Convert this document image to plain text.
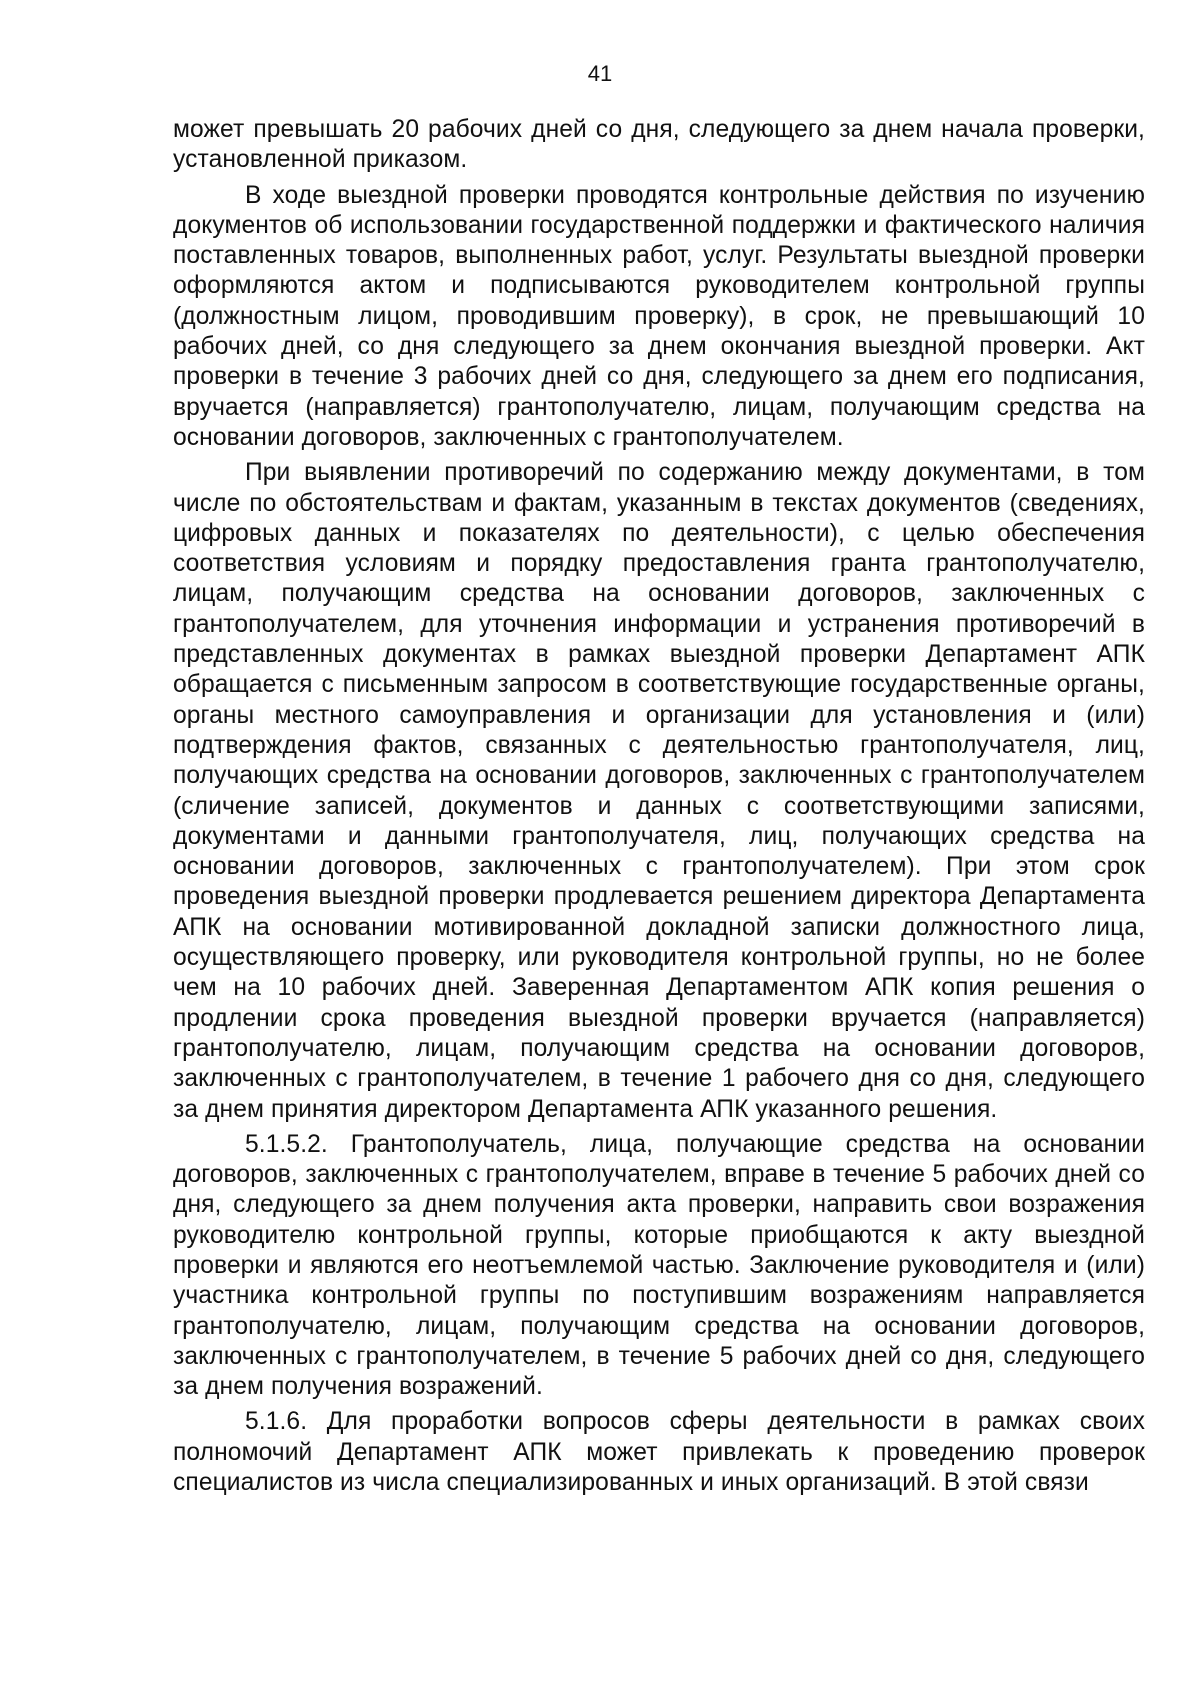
41

может превышать 20 рабочих дней со дня, следующего за днем начала проверки, установленной приказом.

В ходе выездной проверки проводятся контрольные действия по изучению документов об использовании государственной поддержки и фактического наличия поставленных товаров, выполненных работ, услуг. Результаты выездной проверки оформляются актом и подписываются руководителем контрольной группы (должностным лицом, проводившим проверку), в срок, не превышающий 10 рабочих дней, со дня следующего за днем окончания выездной проверки. Акт проверки в течение 3 рабочих дней со дня, следующего за днем его подписания, вручается (направляется) грантополучателю, лицам, получающим средства на основании договоров, заключенных с грантополучателем.

При выявлении противоречий по содержанию между документами, в том числе по обстоятельствам и фактам, указанным в текстах документов (сведениях, цифровых данных и показателях по деятельности), с целью обеспечения соответствия условиям и порядку предоставления гранта грантополучателю, лицам, получающим средства на основании договоров, заключенных с грантополучателем, для уточнения информации и устранения противоречий в представленных документах в рамках выездной проверки Департамент АПК обращается с письменным запросом в соответствующие государственные органы, органы местного самоуправления и организации для установления и (или) подтверждения фактов, связанных с деятельностью грантополучателя, лиц, получающих средства на основании договоров, заключенных с грантополучателем (сличение записей, документов и данных с соответствующими записями, документами и данными грантополучателя, лиц, получающих средства на основании договоров, заключенных с грантополучателем). При этом срок проведения выездной проверки продлевается решением директора Департамента АПК на основании мотивированной докладной записки должностного лица, осуществляющего проверку, или руководителя контрольной группы, но не более чем на 10 рабочих дней. Заверенная Департаментом АПК копия решения о продлении срока проведения выездной проверки вручается (направляется) грантополучателю, лицам, получающим средства на основании договоров, заключенных с грантополучателем, в течение 1 рабочего дня со дня, следующего за днем принятия директором Департамента АПК указанного решения.

5.1.5.2. Грантополучатель, лица, получающие средства на основании договоров, заключенных с грантополучателем, вправе в течение 5 рабочих дней со дня, следующего за днем получения акта проверки, направить свои возражения руководителю контрольной группы, которые приобщаются к акту выездной проверки и являются его неотъемлемой частью. Заключение руководителя и (или) участника контрольной группы по поступившим возражениям направляется грантополучателю, лицам, получающим средства на основании договоров, заключенных с грантополучателем, в течение 5 рабочих дней со дня, следующего за днем получения возражений.

5.1.6. Для проработки вопросов сферы деятельности в рамках своих полномочий Департамент АПК может привлекать к проведению проверок специалистов из числа специализированных и иных организаций. В этой связи
